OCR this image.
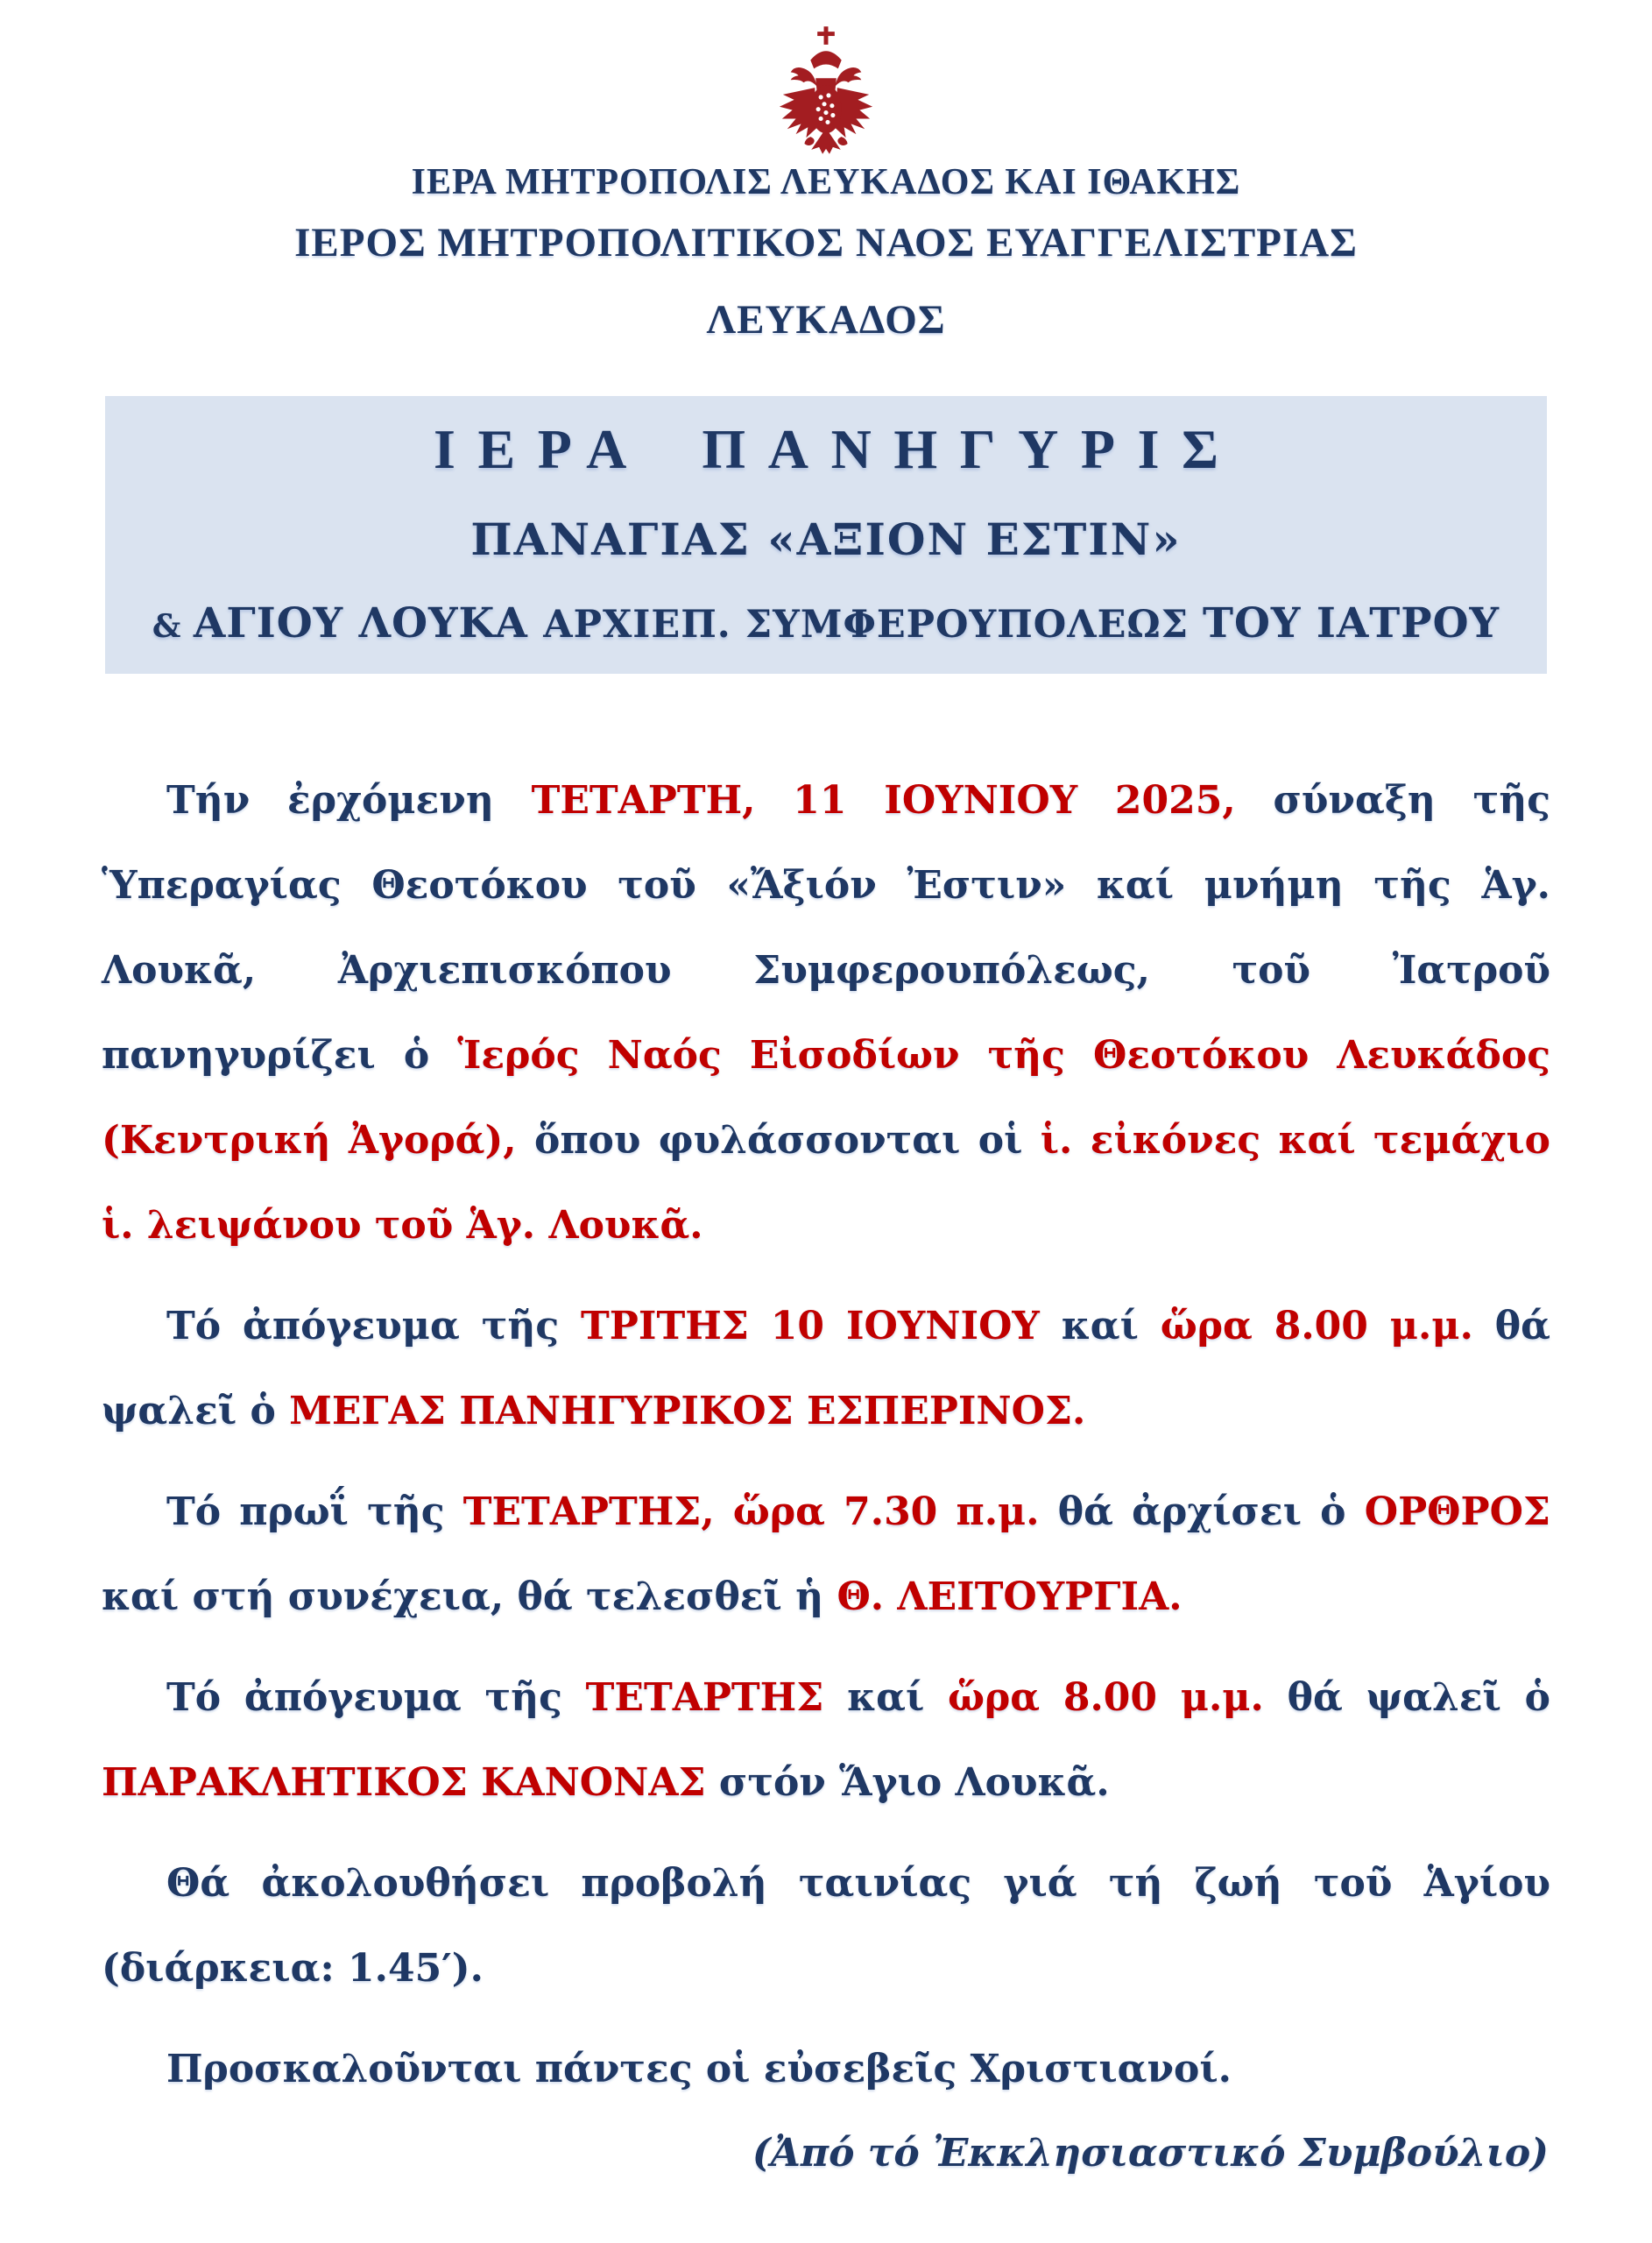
ΙΕΡΑ ΜΗΤΡΟΠΟΛΙΣ ΛΕΥΚΑΔΟΣ ΚΑΙ ΙΘΑΚΗΣ
ΙΕΡΟΣ ΜΗΤΡΟΠΟΛΙΤΙΚΟΣ ΝΑΟΣ ΕΥΑΓΓΕΛΙΣΤΡΙΑΣ
ΛΕΥΚΑΔΟΣ
ΙΕΡΑ ΠΑΝΗΓΥΡΙΣ
ΠΑΝΑΓΙΑΣ «ΑΞΙΟΝ ΕΣΤΙΝ»
& ΑΓΙΟΥ ΛΟΥΚΑ ΑΡΧΙΕΠ. ΣΥΜΦΕΡΟΥΠΟΛΕΩΣ ΤΟΥ ΙΑΤΡΟΥ

Τήν ἐρχόμενη ΤΕΤΑΡΤΗ, 11 ΙΟΥΝΙΟΥ 2025, σύναξη τῆς Ὑπεραγίας Θεοτόκου τοῦ «Ἄξιόν Ἐστιν» καί μνήμη τῆς Ἁγ. Λουκᾶ, Ἀρχιεπισκόπου Συμφερουπόλεως, τοῦ Ἰατροῦ πανηγυρίζει ὁ Ἱερός Ναός Εἰσοδίων τῆς Θεοτόκου Λευκάδος (Κεντρική Ἀγορά), ὅπου φυλάσσονται οἱ ἱ. εἰκόνες καί τεμάχιο ἱ. λειψάνου τοῦ Ἁγ. Λουκᾶ.

Τό ἀπόγευμα τῆς ΤΡΙΤΗΣ 10 ΙΟΥΝΙΟΥ καί ὥρα 8.00 μ.μ. θά ψαλεῖ ὁ ΜΕΓΑΣ ΠΑΝΗΓΥΡΙΚΟΣ ΕΣΠΕΡΙΝΟΣ.

Τό πρωΐ τῆς ΤΕΤΑΡΤΗΣ, ὥρα 7.30 π.μ. θά ἀρχίσει ὁ ΟΡΘΡΟΣ καί στή συνέχεια, θά τελεσθεῖ ἡ Θ. ΛΕΙΤΟΥΡΓΙΑ.

Τό ἀπόγευμα τῆς ΤΕΤΑΡΤΗΣ καί ὥρα 8.00 μ.μ. θά ψαλεῖ ὁ ΠΑΡΑΚΛΗΤΙΚΟΣ ΚΑΝΟΝΑΣ στόν Ἅγιο Λουκᾶ.

Θά ἀκολουθήσει προβολή ταινίας γιά τή ζωή τοῦ Ἁγίου (διάρκεια: 1.45′).

Προσκαλοῦνται πάντες οἱ εὐσεβεῖς Χριστιανοί.

(Ἀπό τό Ἐκκλησιαστικό Συμβούλιο)
